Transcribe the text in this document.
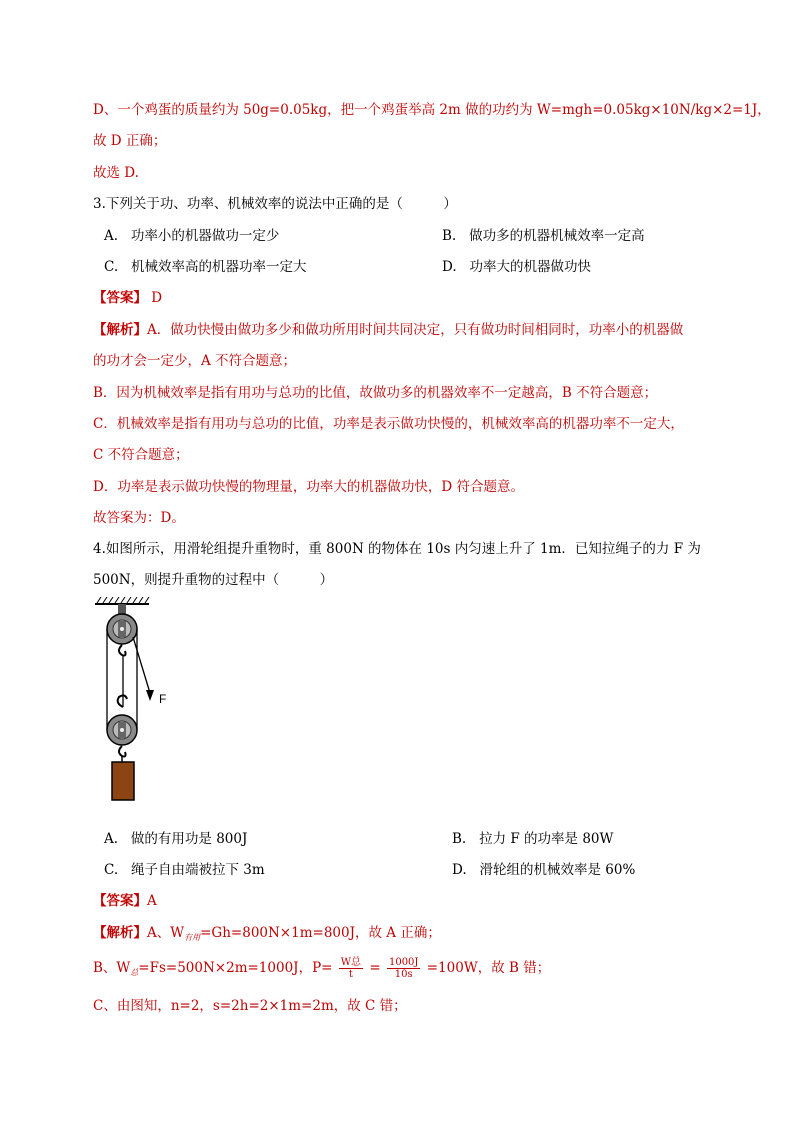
D、一个鸡蛋的质量约为 50g=0.05kg，把一个鸡蛋举高 2m 做的功约为 W=mgh=0.05kg×10N/kg×2=1J，
故 D 正确；
故选 D.
3.下列关于功、功率、机械效率的说法中正确的是（　　　）
A. 功率小的机器做功一定少	B. 做功多的机器机械效率一定高
C. 机械效率高的机器功率一定大	D. 功率大的机器做功快
【答案】 D
【解析】A．做功快慢由做功多少和做功所用时间共同决定，只有做功时间相同时，功率小的机器做
的功才会一定少，A 不符合题意；
B．因为机械效率是指有用功与总功的比值，故做功多的机器效率不一定越高，B 不符合题意；
C．机械效率是指有用功与总功的比值，功率是表示做功快慢的，机械效率高的机器功率不一定大，
C 不符合题意；
D．功率是表示做功快慢的物理量，功率大的机器做功快，D 符合题意。
故答案为：D。
4.如图所示，用滑轮组提升重物时，重 800N 的物体在 10s 内匀速上升了 1m．已知拉绳子的力 F 为
500N，则提升重物的过程中（　　　）
F
A. 做的有用功是 800J	B. 拉力 F 的功率是 80W
C. 绳子自由端被拉下 3m	D. 滑轮组的机械效率是 60%
【答案】A
【解析】A、$W_{有用}=Gh=800N\times 1m=800J$，故 A 正确；
B、$W_总=Fs=500N\times 2m=1000J$，$P= \frac{\text{W总}}{t} = \frac{1000J}{10s} =100W$，故 B 错；
C、由图知，n=2，s=2h=2×1m=2m，故 C 错；
